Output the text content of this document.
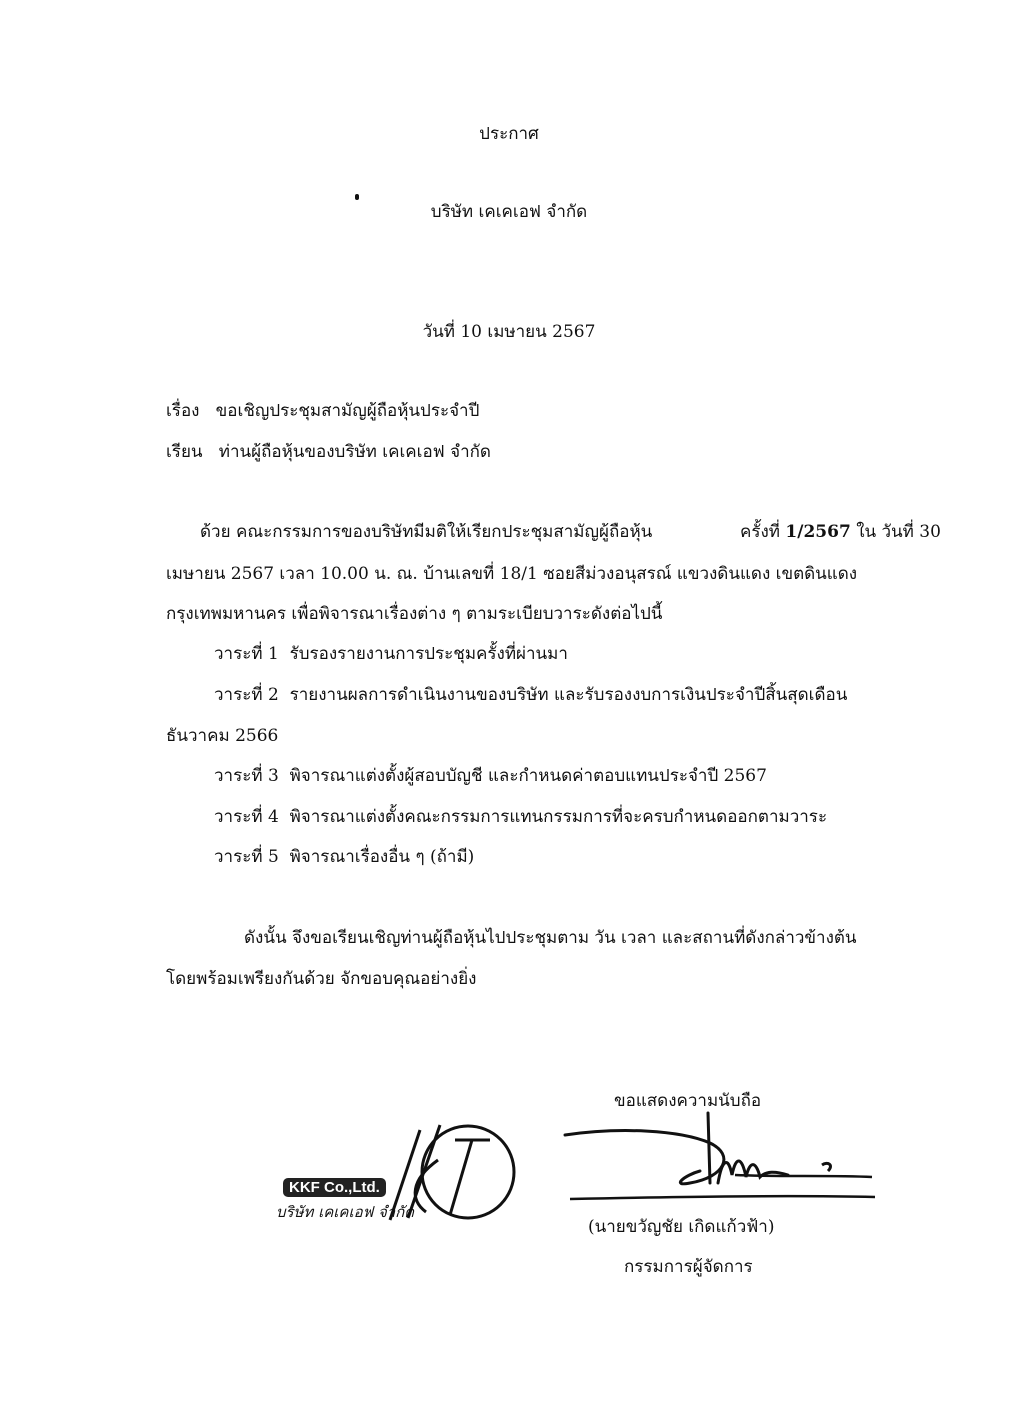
ประกาศ
บริษัท เคเคเอฟ จำกัด
วันที่ 10 เมษายน 2567
เรื่อง ขอเชิญประชุมสามัญผู้ถือหุ้นประจำปี
เรียน ท่านผู้ถือหุ้นของบริษัท เคเคเอฟ จำกัด
ด้วย คณะกรรมการของบริษัทมีมติให้เรียกประชุมสามัญผู้ถือหุ้น	ครั้งที่ 1/2567 ใน วันที่ 30
เมษายน 2567 เวลา 10.00 น. ณ. บ้านเลขที่ 18/1 ซอยสีม่วงอนุสรณ์ แขวงดินแดง เขตดินแดง
กรุงเทพมหานคร เพื่อพิจารณาเรื่องต่าง ๆ ตามระเบียบวาระดังต่อไปนี้
วาระที่ 1 รับรองรายงานการประชุมครั้งที่ผ่านมา
วาระที่ 2 รายงานผลการดำเนินงานของบริษัท และรับรองงบการเงินประจำปีสิ้นสุดเดือน
ธันวาคม 2566
วาระที่ 3 พิจารณาแต่งตั้งผู้สอบบัญชี และกำหนดค่าตอบแทนประจำปี 2567
วาระที่ 4 พิจารณาแต่งตั้งคณะกรรมการแทนกรรมการที่จะครบกำหนดออกตามวาระ
วาระที่ 5 พิจารณาเรื่องอื่น ๆ (ถ้ามี)
ดังนั้น จึงขอเรียนเชิญท่านผู้ถือหุ้นไปประชุมตาม วัน เวลา และสถานที่ดังกล่าวข้างต้น
โดยพร้อมเพรียงกันด้วย จักขอบคุณอย่างยิ่ง
ขอแสดงความนับถือ
(นายขวัญชัย เกิดแก้วฟ้า)
กรรมการผู้จัดการ
KKF Co.,Ltd.
บริษัท เคเคเอฟ จำกัด
